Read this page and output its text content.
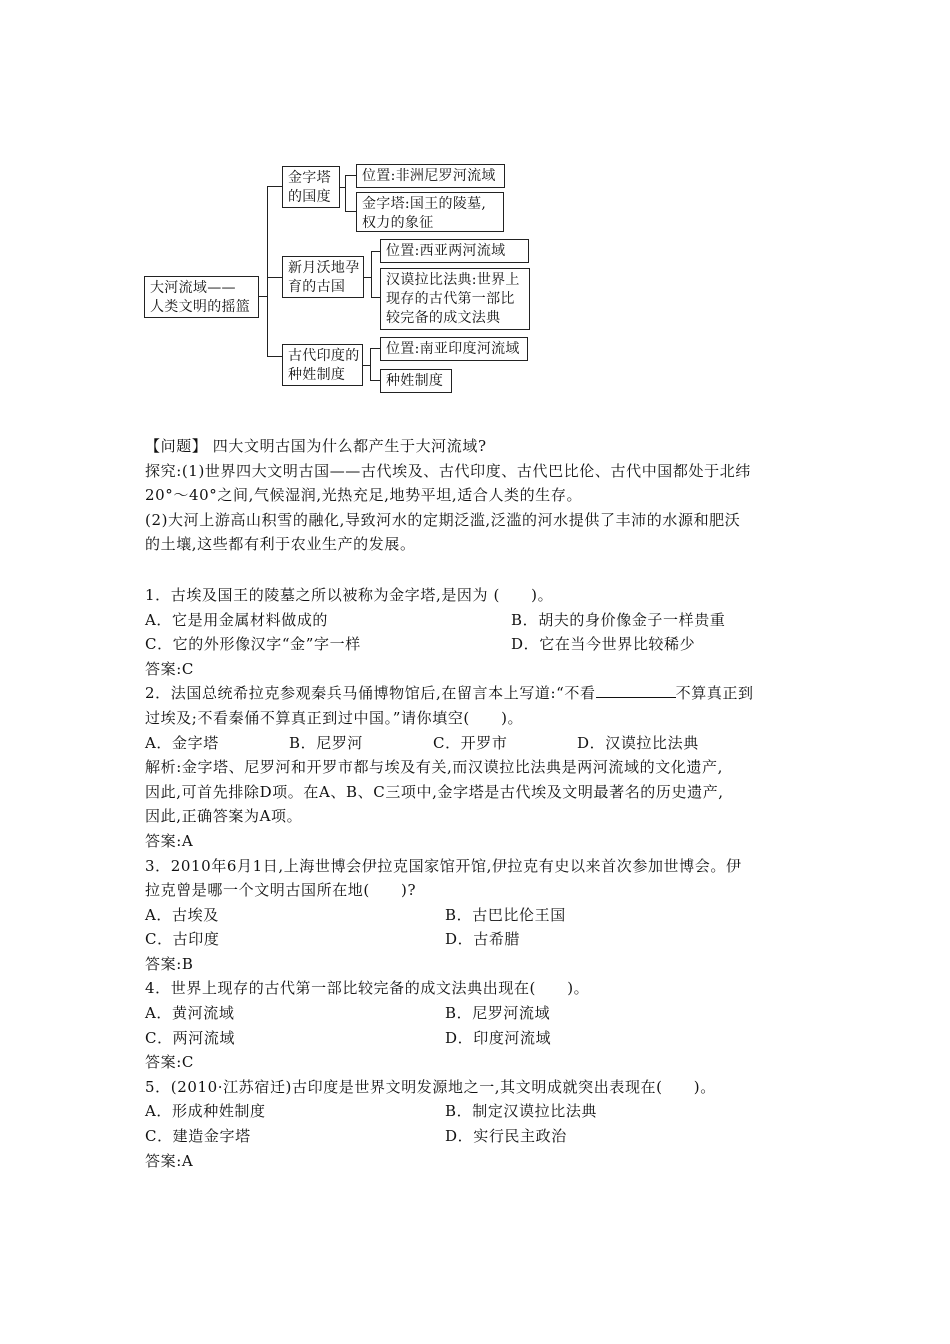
大河流域——
人类文明的摇篮
金字塔
的国度
位置:非洲尼罗河流域
金字塔:国王的陵墓,
权力的象征
新月沃地孕
育的古国
位置:西亚两河流域
汉谟拉比法典:世界上
现存的古代第一部比
较完备的成文法典
古代印度的
种姓制度
位置:南亚印度河流域
种姓制度
【问题】 四大文明古国为什么都产生于大河流域?
探究:(1)世界四大文明古国——古代埃及、古代印度、古代巴比伦、古代中国都处于北纬
20°～40°之间,气候湿润,光热充足,地势平坦,适合人类的生存。
(2)大河上游高山积雪的融化,导致河水的定期泛滥,泛滥的河水提供了丰沛的水源和肥沃
的土壤,这些都有利于农业生产的发展。
1．古埃及国王的陵墓之所以被称为金字塔,是因为 (　　)。
A．它是用金属材料做成的	B．胡夫的身价像金子一样贵重
C．它的外形像汉字“金”字一样	D．它在当今世界比较稀少
答案:C
2．法国总统希拉克参观秦兵马俑博物馆后,在留言本上写道:“不看	不算真正到
过埃及;不看秦俑不算真正到过中国。”请你填空(　　)。
A．金字塔	B．尼罗河	C．开罗市	D．汉谟拉比法典
解析:金字塔、尼罗河和开罗市都与埃及有关,而汉谟拉比法典是两河流域的文化遗产,
因此,可首先排除D项。在A、B、C三项中,金字塔是古代埃及文明最著名的历史遗产,
因此,正确答案为A项。
答案:A
3．2010年6月1日,上海世博会伊拉克国家馆开馆,伊拉克有史以来首次参加世博会。伊
拉克曾是哪一个文明古国所在地(　　)?
A．古埃及	B．古巴比伦王国
C．古印度	D．古希腊
答案:B
4．世界上现存的古代第一部比较完备的成文法典出现在(　　)。
A．黄河流域	B．尼罗河流域
C．两河流域	D．印度河流域
答案:C
5．(2010·江苏宿迁)古印度是世界文明发源地之一,其文明成就突出表现在(　　)。
A．形成种姓制度	B．制定汉谟拉比法典
C．建造金字塔	D．实行民主政治
答案:A
